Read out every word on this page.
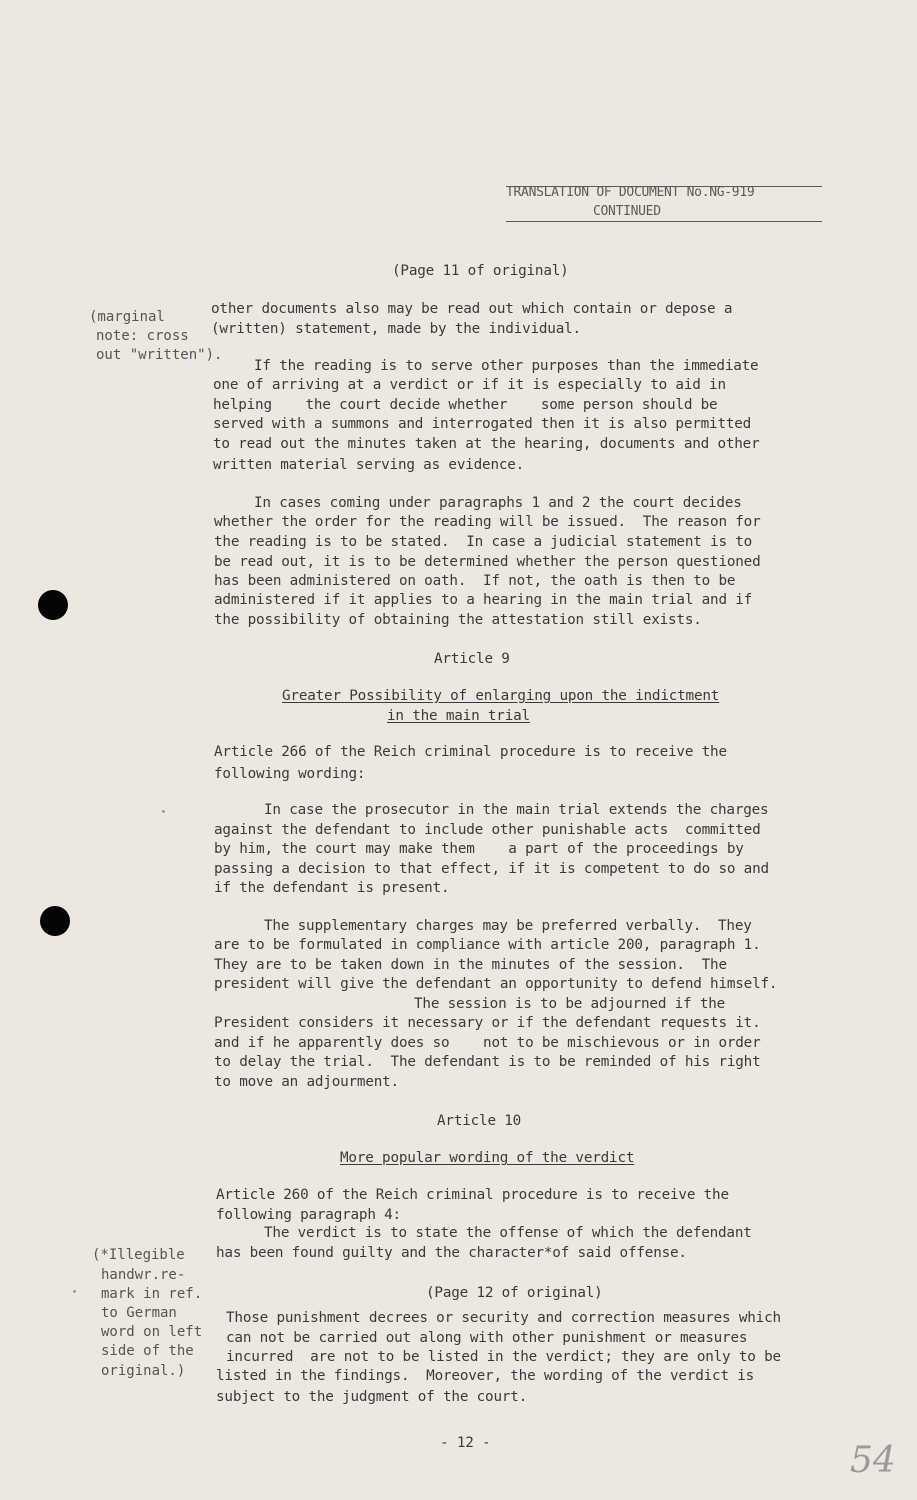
TRANSLATION OF DOCUMENT No.NG-919
CONTINUED
(Page 11 of original)
(marginal
note: cross
out "written").
other documents also may be read out which contain or depose a
(written) statement, made by the individual.
If the reading is to serve other purposes than the immediate
one of arriving at a verdict or if it is especially to aid in
helping    the court decide whether    some person should be
served with a summons and interrogated then it is also permitted
to read out the minutes taken at the hearing, documents and other
written material serving as evidence.
In cases coming under paragraphs 1 and 2 the court decides
whether the order for the reading will be issued.  The reason for
the reading is to be stated.  In case a judicial statement is to
be read out, it is to be determined whether the person questioned
has been administered on oath.  If not, the oath is then to be
administered if it applies to a hearing in the main trial and if
the possibility of obtaining the attestation still exists.
Article 9
Greater Possibility of enlarging upon the indictment
in the main trial
Article 266 of the Reich criminal procedure is to receive the
following wording:
In case the prosecutor in the main trial extends the charges
against the defendant to include other punishable acts  committed
by him, the court may make them    a part of the proceedings by
passing a decision to that effect, if it is competent to do so and
if the defendant is present.
The supplementary charges may be preferred verbally.  They
are to be formulated in compliance with article 200, paragraph 1.
They are to be taken down in the minutes of the session.  The
president will give the defendant an opportunity to defend himself.
The session is to be adjourned if the
President considers it necessary or if the defendant requests it.
and if he apparently does so    not to be mischievous or in order
to delay the trial.  The defendant is to be reminded of his right
to move an adjourment.
Article 10
More popular wording of the verdict
Article 260 of the Reich criminal procedure is to receive the
following paragraph 4:
The verdict is to state the offense of which the defendant
has been found guilty and the character*of said offense.
(*Illegible
handwr.re-
mark in ref.
to German
word on left
side of the
original.)
(Page 12 of original)
Those punishment decrees or security and correction measures which
can not be carried out along with other punishment or measures
incurred  are not to be listed in the verdict; they are only to be
listed in the findings.  Moreover, the wording of the verdict is
subject to the judgment of the court.
- 12 -	54
